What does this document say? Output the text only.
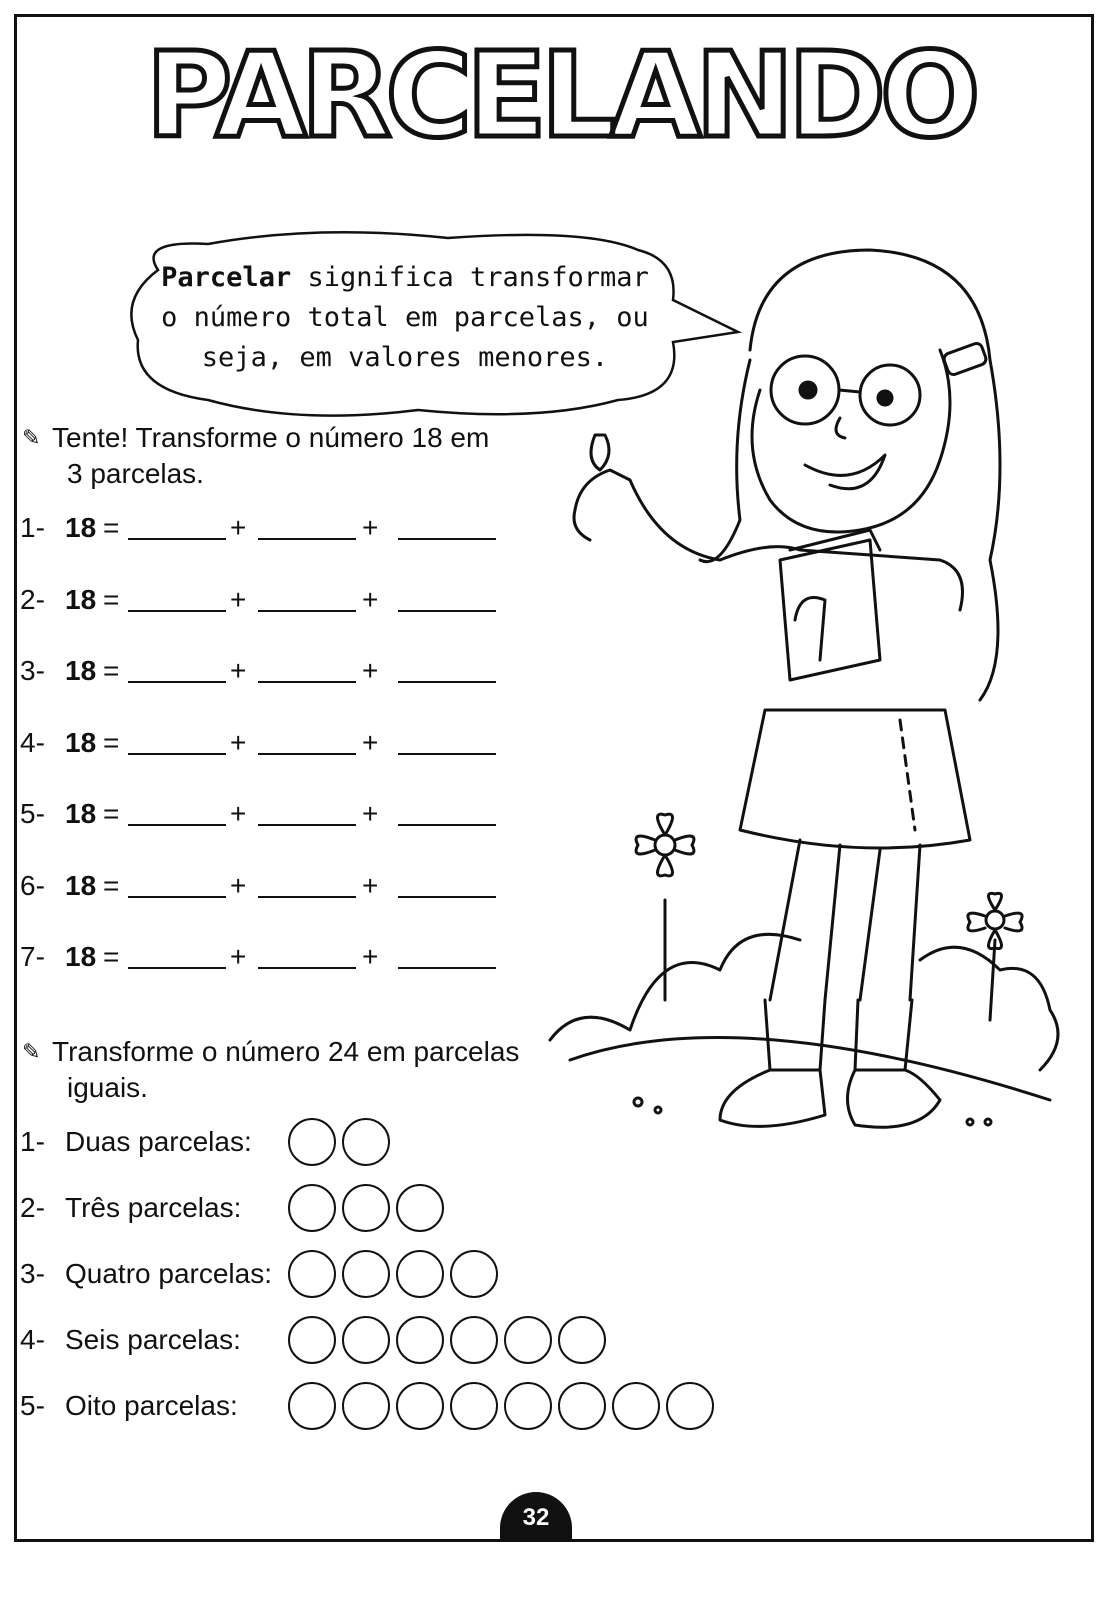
PARCELANDO
Parcelar significa transformar o número total em parcelas, ou seja, em valores menores.
✎ Tente! Transforme o número 18 em
3 parcelas.
1- 18 =	+	+
2- 18 =	+	+
3- 18 =	+	+
4- 18 =	+	+
5- 18 =	+	+
6- 18 =	+	+
7- 18 =	+	+
✎ Transforme o número 24 em parcelas
iguais.
1- Duas parcelas:
2- Três parcelas:
3- Quatro parcelas:
4- Seis parcelas:
5- Oito parcelas:
32
